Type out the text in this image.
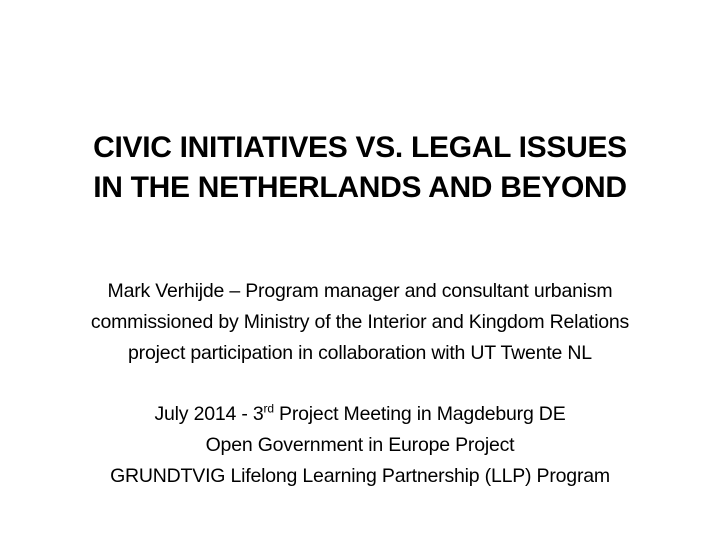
CIVIC INITIATIVES VS. LEGAL ISSUES
IN THE NETHERLANDS AND BEYOND
Mark Verhijde – Program manager and consultant urbanism
commissioned by Ministry of the Interior and Kingdom Relations
project participation in collaboration with UT Twente NL
July 2014 - 3rd Project Meeting in Magdeburg DE
Open Government in Europe Project
GRUNDTVIG Lifelong Learning Partnership (LLP) Program
